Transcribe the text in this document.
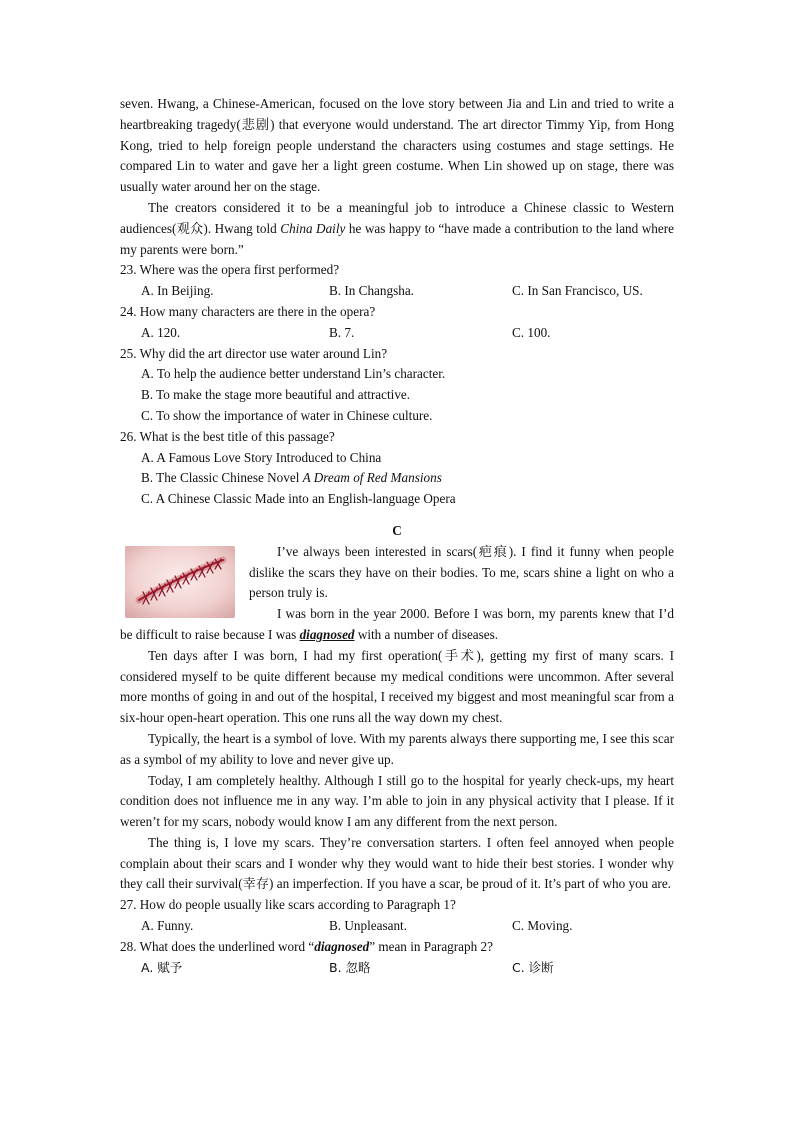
seven. Hwang, a Chinese-American, focused on the love story between Jia and Lin and tried to write a heartbreaking tragedy(悲剧) that everyone would understand. The art director Timmy Yip, from Hong Kong, tried to help foreign people understand the characters using costumes and stage settings. He compared Lin to water and gave her a light green costume. When Lin showed up on stage, there was usually water around her on the stage.

The creators considered it to be a meaningful job to introduce a Chinese classic to Western audiences(观众). Hwang told China Daily he was happy to “have made a contribution to the land where my parents were born.”

23. Where was the opera first performed?
A. In Beijing.	B. In Changsha.	C. In San Francisco, US.
24. How many characters are there in the opera?
A. 120.	B. 7.	C. 100.
25. Why did the art director use water around Lin?
A. To help the audience better understand Lin’s character.
B. To make the stage more beautiful and attractive.
C. To show the importance of water in Chinese culture.
26. What is the best title of this passage?
A. A Famous Love Story Introduced to China
B. The Classic Chinese Novel A Dream of Red Mansions
C. A Chinese Classic Made into an English-language Opera
C

I’ve always been interested in scars(疤痕). I find it funny when people dislike the scars they have on their bodies. To me, scars shine a light on who a person truly is.

I was born in the year 2000. Before I was born, my parents knew that I’d be difficult to raise because I was diagnosed with a number of diseases.

Ten days after I was born, I had my first operation(手术), getting my first of many scars. I considered myself to be quite different because my medical conditions were uncommon. After several more months of going in and out of the hospital, I received my biggest and most meaningful scar from a six-hour open-heart operation. This one runs all the way down my chest.

Typically, the heart is a symbol of love. With my parents always there supporting me, I see this scar as a symbol of my ability to love and never give up.

Today, I am completely healthy. Although I still go to the hospital for yearly check-ups, my heart condition does not influence me in any way. I’m able to join in any physical activity that I please. If it weren’t for my scars, nobody would know I am any different from the next person.

The thing is, I love my scars. They’re conversation starters. I often feel annoyed when people complain about their scars and I wonder why they would want to hide their best stories. I wonder why they call their survival(幸存) an imperfection. If you have a scar, be proud of it. It’s part of who you are.

27. How do people usually like scars according to Paragraph 1?
A. Funny.	B. Unpleasant.	C. Moving.
28. What does the underlined word “diagnosed” mean in Paragraph 2?
A. 赋予	B. 忽略	C. 诊断
